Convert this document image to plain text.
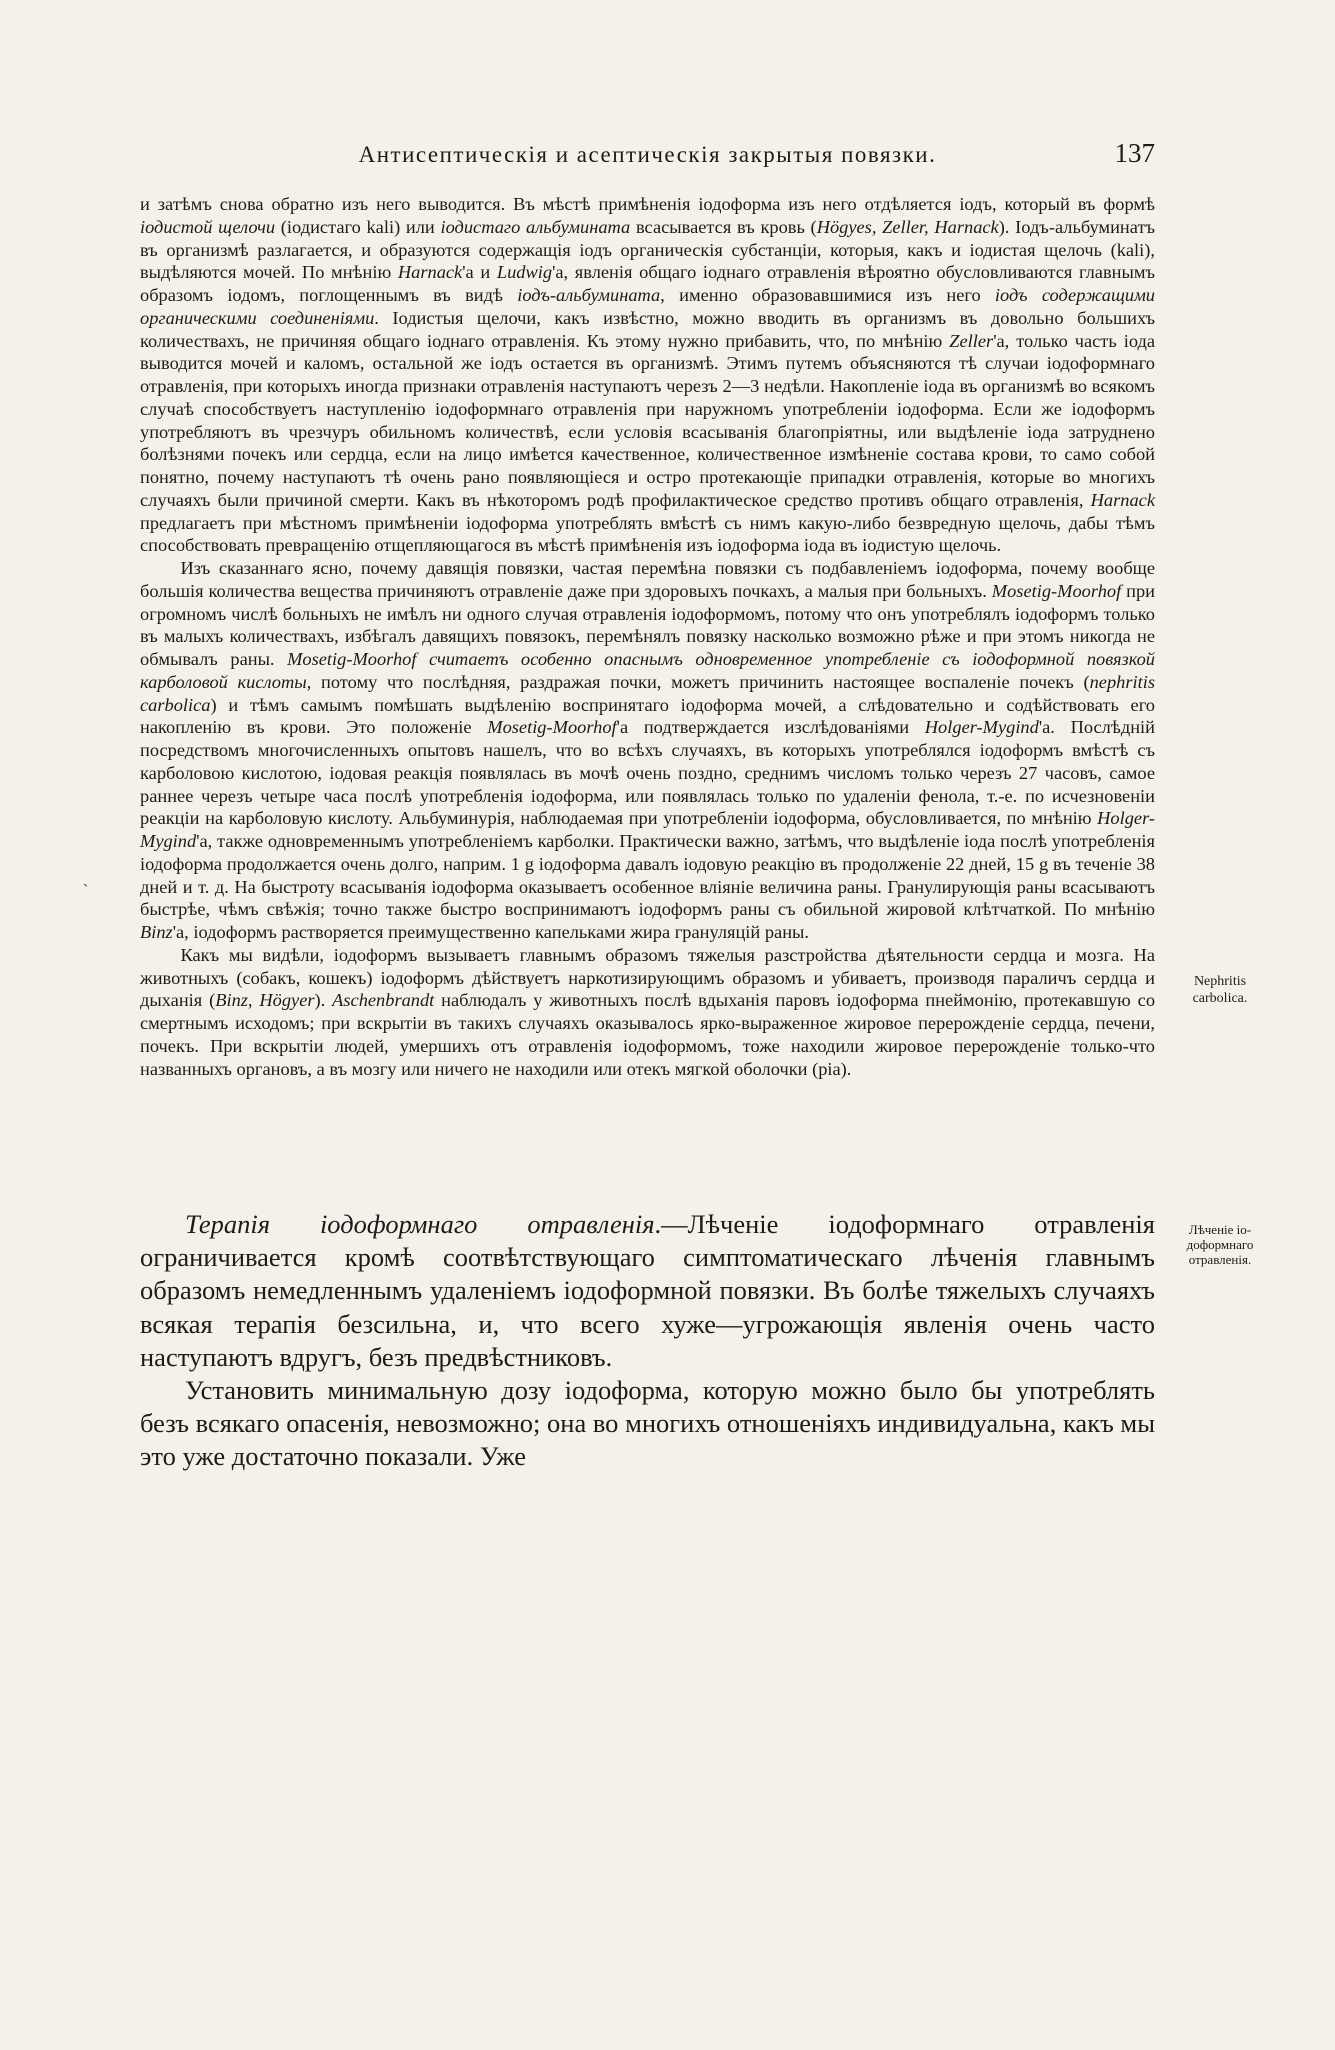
Антисептическія и асептическія закрытыя повязки.	137

и затѣмъ снова обратно изъ него выводится. Въ мѣстѣ примѣненія іодоформа изъ него отдѣляется іодъ, который въ формѣ іодистой щелочи (іодистаго kali) или іодистаго альбумината всасывается въ кровь (Högyes, Zeller, Harnack). Іодъ-альбуминатъ въ организмѣ разлагается, и образуются содержащія іодъ органическія субстанціи, которыя, какъ и іодистая щелочь (kali), выдѣляются мочей. По мнѣнію Harnack'а и Ludwig'а, явленія общаго іоднаго отравленія вѣроятно обусловливаются главнымъ образомъ іодомъ, поглощеннымъ въ видѣ іодъ-альбумината, именно образовавшимися изъ него іодъ содержащими органическими соединеніями. Іодистыя щелочи, какъ извѣстно, можно вводить въ организмъ въ довольно большихъ количествахъ, не причиняя общаго іоднаго отравленія. Къ этому нужно прибавить, что, по мнѣнію Zeller'а, только часть іода выводится мочей и каломъ, остальной же іодъ остается въ организмѣ. Этимъ путемъ объясняются тѣ случаи іодоформнаго отравленія, при которыхъ иногда признаки отравленія наступаютъ черезъ 2—3 недѣли. Накопленіе іода въ организмѣ во всякомъ случаѣ способствуетъ наступленію іодоформнаго отравленія при наружномъ употребленіи іодоформа. Если же іодоформъ употребляютъ въ чрезчуръ обильномъ количествѣ, если условія всасыванія благопріятны, или выдѣленіе іода затруднено болѣзнями почекъ или сердца, если на лицо имѣется качественное, количественное измѣненіе состава крови, то само собой понятно, почему наступаютъ тѣ очень рано появляющіеся и остро протекающіе припадки отравленія, которые во многихъ случаяхъ были причиной смерти. Какъ въ нѣкоторомъ родѣ профилактическое средство противъ общаго отравленія, Harnack предлагаетъ при мѣстномъ примѣненіи іодоформа употреблять вмѣстѣ съ нимъ какую-либо безвредную щелочь, дабы тѣмъ способствовать превращенію отщепляющагося въ мѣстѣ примѣненія изъ іодоформа іода въ іодистую щелочь.

Изъ сказаннаго ясно, почему давящія повязки, частая перемѣна повязки съ подбавленіемъ іодоформа, почему вообще большія количества вещества причиняютъ отравленіе даже при здоровыхъ почкахъ, а малыя при больныхъ. Mosetig-Moorhof при огромномъ числѣ больныхъ не имѣлъ ни одного случая отравленія іодоформомъ, потому что онъ употреблялъ іодоформъ только въ малыхъ количествахъ, избѣгалъ давящихъ повязокъ, перемѣнялъ повязку насколько возможно рѣже и при этомъ никогда не обмывалъ раны. Mosetig-Moorhof считаетъ особенно опаснымъ одновременное употребленіе съ іодоформной повязкой карболовой кислоты, потому что послѣдняя, раздражая почки, можетъ причинить настоящее воспаленіе почекъ (nephritis carbolica) и тѣмъ самымъ помѣшать выдѣленію воспринятаго іодоформа мочей, а слѣдовательно и содѣйствовать его накопленію въ крови. Это положеніе Mosetig-Moorhof'а подтверждается изслѣдованіями Holger-Mygind'а. Послѣдній посредствомъ многочисленныхъ опытовъ нашелъ, что во всѣхъ случаяхъ, въ которыхъ употреблялся іодоформъ вмѣстѣ съ карболовою кислотою, іодовая реакція появлялась въ мочѣ очень поздно, среднимъ числомъ только черезъ 27 часовъ, самое раннее черезъ четыре часа послѣ употребленія іодоформа, или появлялась только по удаленіи фенола, т.-е. по исчезновеніи реакціи на карболовую кислоту. Альбуминурія, наблюдаемая при употребленіи іодоформа, обусловливается, по мнѣнію Holger-Mygind'а, также одновременнымъ употребленіемъ карболки. Практически важно, затѣмъ, что выдѣленіе іода послѣ употребленія іодоформа продолжается очень долго, наприм. 1 g іодоформа давалъ іодовую реакцію въ продолженіе 22 дней, 15 g въ теченіе 38 дней и т. д. На быстроту всасыванія іодоформа оказываетъ особенное вліяніе величина раны. Гранулирующія раны всасываютъ быстрѣе, чѣмъ свѣжія; точно также быстро воспринимаютъ іодоформъ раны съ обильной жировой клѣтчаткой. По мнѣнію Binz'а, іодоформъ растворяется преимущественно капельками жира грануляцій раны.

Какъ мы видѣли, іодоформъ вызываетъ главнымъ образомъ тяжелыя разстройства дѣятельности сердца и мозга. На животныхъ (собакъ, кошекъ) іодоформъ дѣйствуетъ наркотизирующимъ образомъ и убиваетъ, производя параличъ сердца и дыханія (Binz, Högyer). Aschenbrandt наблюдалъ у животныхъ послѣ вдыханія паровъ іодоформа пнеймонію, протекавшую со смертнымъ исходомъ; при вскрытіи въ такихъ случаяхъ оказывалось ярко-выраженное жировое перерожденіе сердца, печени, почекъ. При вскрытіи людей, умершихъ отъ отравленія іодоформомъ, тоже находили жировое перерожденіе только-что названныхъ органовъ, а въ мозгу или ничего не находили или отекъ мягкой оболочки (pia).

Терапія іодоформнаго отравленія.—Лѣченіе іодоформнаго отравленія ограничивается кромѣ соотвѣтствующаго симптоматическаго лѣченія главнымъ образомъ немедленнымъ удаленіемъ іодоформной повязки. Въ болѣе тяжелыхъ случаяхъ всякая терапія безсильна, и, что всего хуже—угрожающія явленія очень часто наступаютъ вдругъ, безъ предвѣстниковъ.

Установить минимальную дозу іодоформа, которую можно было бы употреблять безъ всякаго опасенія, невозможно; она во многихъ отношеніяхъ индивидуальна, какъ мы это уже достаточно показали. Уже

Nephritis
carbolica.
Лѣченіе іо-
доформнаго
отравленія.
˴
